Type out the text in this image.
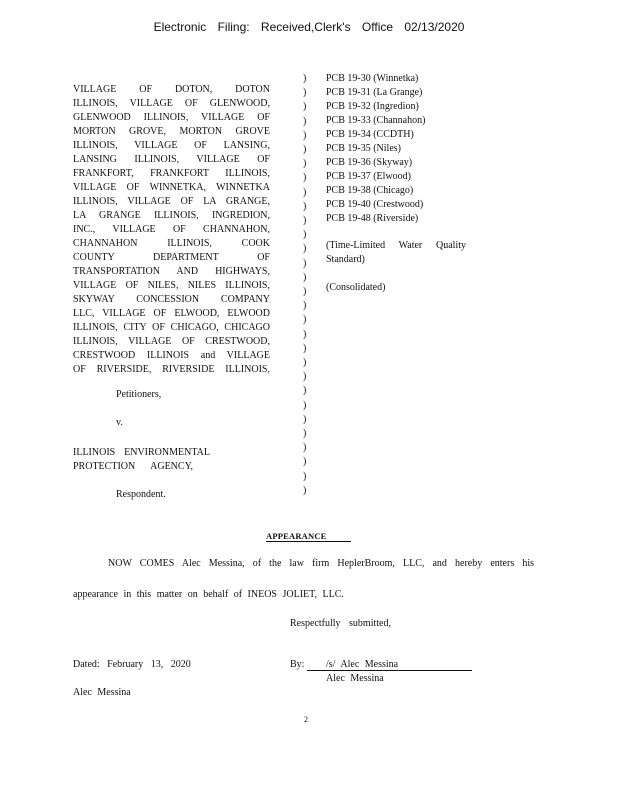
Electronic Filing: Received,Clerk's Office 02/13/2020
VILLAGE OF DOTON, DOTON
ILLINOIS, VILLAGE OF GLENWOOD,
GLENWOOD ILLINOIS, VILLAGE OF
MORTON GROVE, MORTON GROVE
ILLINOIS, VILLAGE OF LANSING,
LANSING ILLINOIS, VILLAGE OF
FRANKFORT, FRANKFORT ILLINOIS,
VILLAGE OF WINNETKA, WINNETKA
ILLINOIS, VILLAGE OF LA GRANGE,
LA GRANGE ILLINOIS, INGREDION,
INC., VILLAGE OF CHANNAHON,
CHANNAHON ILLINOIS, COOK
COUNTY DEPARTMENT OF
TRANSPORTATION AND HIGHWAYS,
VILLAGE OF NILES, NILES ILLINOIS,
SKYWAY CONCESSION COMPANY
LLC, VILLAGE OF ELWOOD, ELWOOD
ILLINOIS, CITY OF CHICAGO, CHICAGO
ILLINOIS, VILLAGE OF CRESTWOOD,
CRESTWOOD ILLINOIS and VILLAGE
OF RIVERSIDE, RIVERSIDE ILLINOIS,
Petitioners,
v.
ILLINOIS ENVIRONMENTAL
PROTECTION AGENCY,
Respondent.
)
)
)
)
)
)
)
)
)
)
)
)
)
)
)
)
)
)
)
)
)
)
)
)
)
)
)
)
)
)
PCB 19-30 (Winnetka)
PCB 19-31 (La Grange)
PCB 19-32 (Ingredion)
PCB 19-33 (Channahon)
PCB 19-34 (CCDTH)
PCB 19-35 (Niles)
PCB 19-36 (Skyway)
PCB 19-37 (Elwood)
PCB 19-38 (Chicago)
PCB 19-40 (Crestwood)
PCB 19-48 (Riverside)
(Time-Limited Water Quality
Standard)
(Consolidated)
APPEARANCE
NOW COMES Alec Messina, of the law firm HeplerBroom, LLC, and hereby enters his
appearance in this matter on behalf of INEOS JOLIET, LLC.
Respectfully submitted,
Dated: February 13, 2020	By: /s/ Alec Messina
Alec Messina
Alec Messina
2
